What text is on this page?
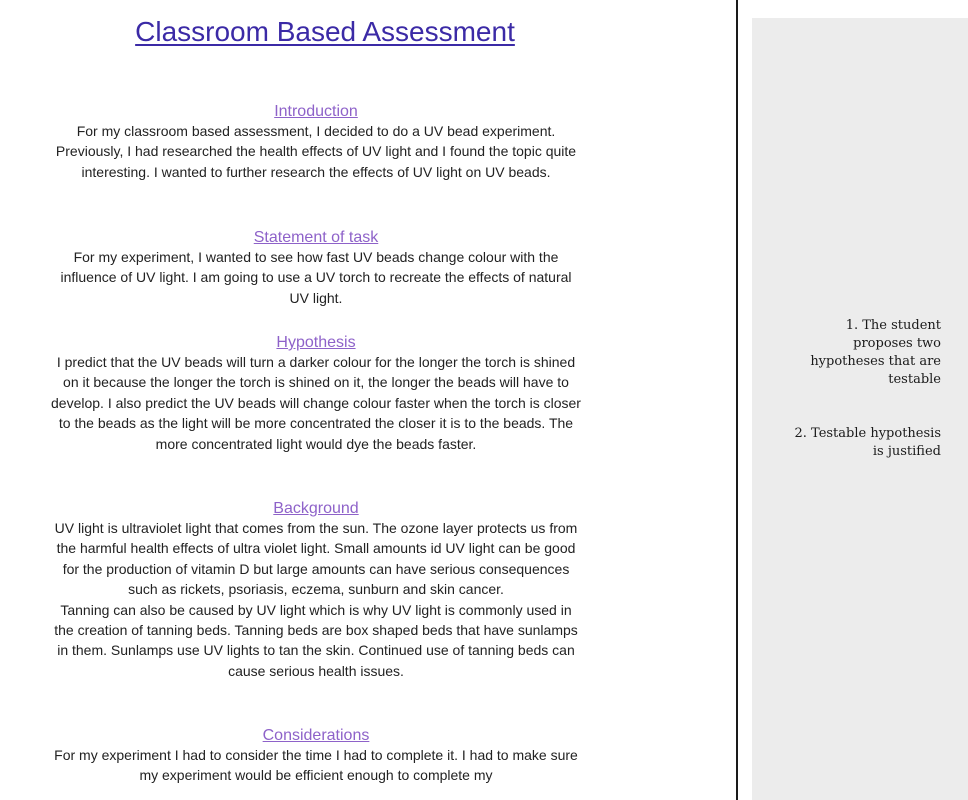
Classroom Based Assessment
Introduction

For my classroom based assessment, I decided to do a UV bead experiment. Previously, I had researched the health effects of UV light and I found the topic quite interesting. I wanted to further research the effects of UV light on UV beads.

Statement of task

For my experiment, I wanted to see how fast UV beads change colour with the influence of UV light. I am going to use a UV torch to recreate the effects of natural UV light.

Hypothesis

I predict that the UV beads will turn a darker colour for the longer the torch is shined on it because the longer the torch is shined on it, the longer the beads will have to develop. I also predict the UV beads will change colour faster when the torch is closer to the beads as the light will be more concentrated the closer it is to the beads. The more concentrated light would dye the beads faster.

Background

UV light is ultraviolet light that comes from the sun. The ozone layer protects us from the harmful health effects of ultra violet light. Small amounts id UV light can be good for the production of vitamin D but large amounts can have serious consequences such as rickets, psoriasis, eczema, sunburn and skin cancer.

Tanning can also be caused by UV light which is why UV light is commonly used in the creation of tanning beds. Tanning beds are box shaped beds that have sunlamps in them. Sunlamps use UV lights to tan the skin. Continued use of tanning beds can cause serious health issues.

Considerations

For my experiment I had to consider the time I had to complete it. I had to make sure my experiment would be efficient enough to complete my

1. The student proposes two hypotheses that are testable
2. Testable hypothesis is justified
